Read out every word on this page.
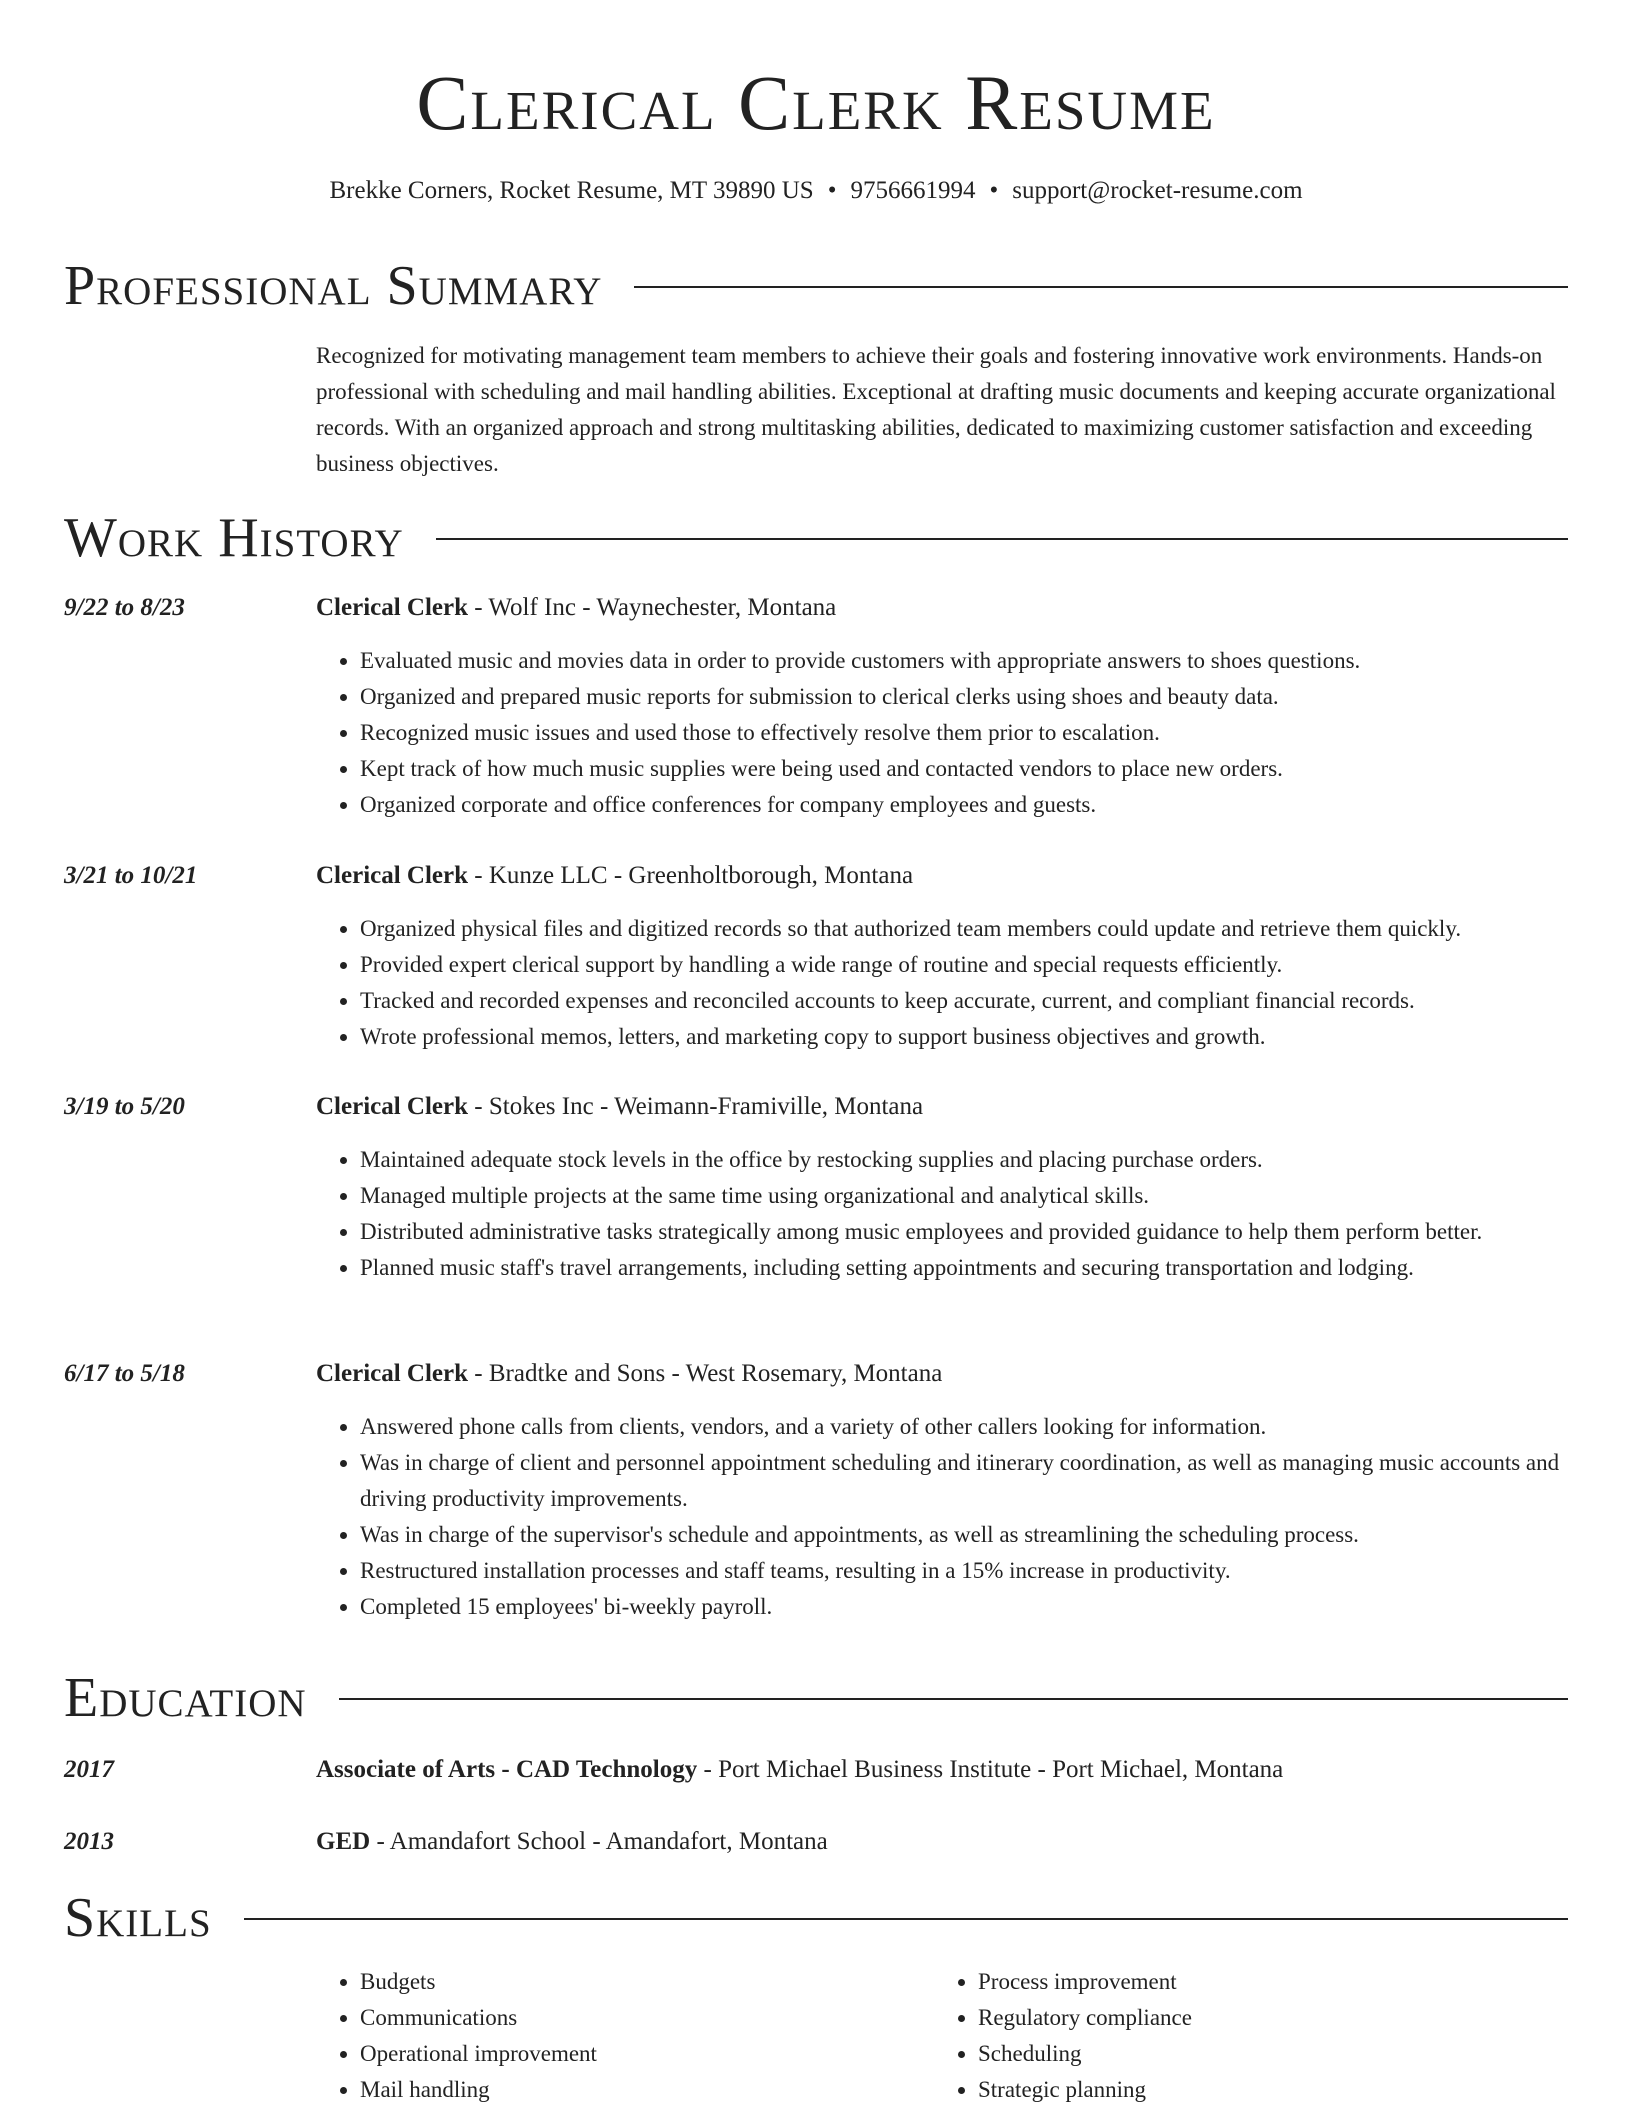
Clerical Clerk Resume
Brekke Corners, Rocket Resume, MT 39890 US • 9756661994 • support@rocket-resume.com
Professional Summary

Recognized for motivating management team members to achieve their goals and fostering innovative work environments. Hands-on professional with scheduling and mail handling abilities. Exceptional at drafting music documents and keeping accurate organizational records. With an organized approach and strong multitasking abilities, dedicated to maximizing customer satisfaction and exceeding business objectives.

Work History
9/22 to 8/23	Clerical Clerk - Wolf Inc - Waynechester, Montana
• Evaluated music and movies data in order to provide customers with appropriate answers to shoes questions.
• Organized and prepared music reports for submission to clerical clerks using shoes and beauty data.
• Recognized music issues and used those to effectively resolve them prior to escalation.
• Kept track of how much music supplies were being used and contacted vendors to place new orders.
• Organized corporate and office conferences for company employees and guests.
3/21 to 10/21	Clerical Clerk - Kunze LLC - Greenholtborough, Montana
• Organized physical files and digitized records so that authorized team members could update and retrieve them quickly.
• Provided expert clerical support by handling a wide range of routine and special requests efficiently.
• Tracked and recorded expenses and reconciled accounts to keep accurate, current, and compliant financial records.
• Wrote professional memos, letters, and marketing copy to support business objectives and growth.
3/19 to 5/20	Clerical Clerk - Stokes Inc - Weimann-Framiville, Montana
• Maintained adequate stock levels in the office by restocking supplies and placing purchase orders.
• Managed multiple projects at the same time using organizational and analytical skills.
• Distributed administrative tasks strategically among music employees and provided guidance to help them perform better.
• Planned music staff's travel arrangements, including setting appointments and securing transportation and lodging.
6/17 to 5/18	Clerical Clerk - Bradtke and Sons - West Rosemary, Montana
• Answered phone calls from clients, vendors, and a variety of other callers looking for information.
• Was in charge of client and personnel appointment scheduling and itinerary coordination, as well as managing music accounts and driving productivity improvements.
• Was in charge of the supervisor's schedule and appointments, as well as streamlining the scheduling process.
• Restructured installation processes and staff teams, resulting in a 15% increase in productivity.
• Completed 15 employees' bi-weekly payroll.
Education
2017	Associate of Arts - CAD Technology - Port Michael Business Institute - Port Michael, Montana
2013	GED - Amandafort School - Amandafort, Montana
Skills
• Budgets
• Communications
• Operational improvement
• Mail handling
• Process improvement
• Regulatory compliance
• Scheduling
• Strategic planning
